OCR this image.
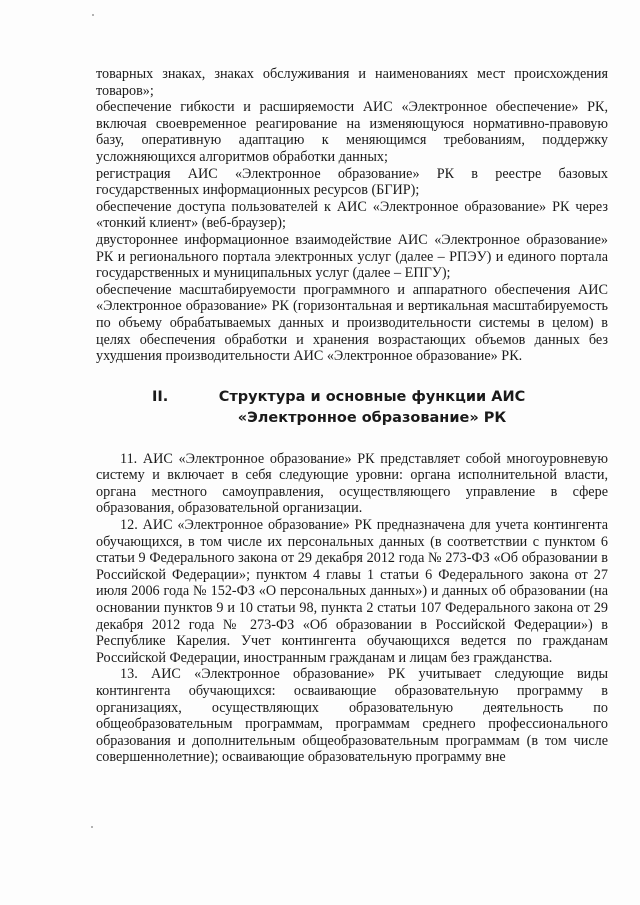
товарных знаках, знаках обслуживания и наименованиях мест происхождения товаров»;

обеспечение гибкости и расширяемости АИС «Электронное обеспечение» РК, включая своевременное реагирование на изменяющуюся нормативно-правовую базу, оперативную адаптацию к меняющимся требованиям, поддержку усложняющихся алгоритмов обработки данных;

регистрация АИС «Электронное образование» РК в реестре базовых государственных информационных ресурсов (БГИР);

обеспечение доступа пользователей к АИС «Электронное образование» РК через «тонкий клиент» (веб-браузер);

двустороннее информационное взаимодействие АИС «Электронное образование» РК и регионального портала электронных услуг (далее – РПЭУ) и единого портала государственных и муниципальных услуг (далее – ЕПГУ);

обеспечение масштабируемости программного и аппаратного обеспечения АИС «Электронное образование» РК (горизонтальная и вертикальная масштабируемость по объему обрабатываемых данных и производительности системы в целом) в целях обеспечения обработки и хранения возрастающих объемов данных без ухудшения производительности АИС «Электронное образование» РК.

II.	Структура и основные функции АИС «Электронное образование» РК

11. АИС «Электронное образование» РК представляет собой многоуровневую систему и включает в себя следующие уровни: органа исполнительной власти, органа местного самоуправления, осуществляющего управление в сфере образования, образовательной организации.

12. АИС «Электронное образование» РК предназначена для учета контингента обучающихся, в том числе их персональных данных (в соответствии с пунктом 6 статьи 9 Федерального закона от 29 декабря 2012 года № 273-ФЗ «Об образовании в Российской Федерации»; пунктом 4 главы 1 статьи 6 Федерального закона от 27 июля 2006 года № 152-ФЗ «О персональных данных») и данных об образовании (на основании пунктов 9 и 10 статьи 98, пункта 2 статьи 107 Федерального закона от 29 декабря 2012 года № 273-ФЗ «Об образовании в Российской Федерации») в Республике Карелия. Учет контингента обучающихся ведется по гражданам Российской Федерации, иностранным гражданам и лицам без гражданства.

13. АИС «Электронное образование» РК учитывает следующие виды контингента обучающихся: осваивающие образовательную программу в организациях, осуществляющих образовательную деятельность по общеобразовательным программам, программам среднего профессионального образования и дополнительным общеобразовательным программам (в том числе совершеннолетние); осваивающие образовательную программу вне
